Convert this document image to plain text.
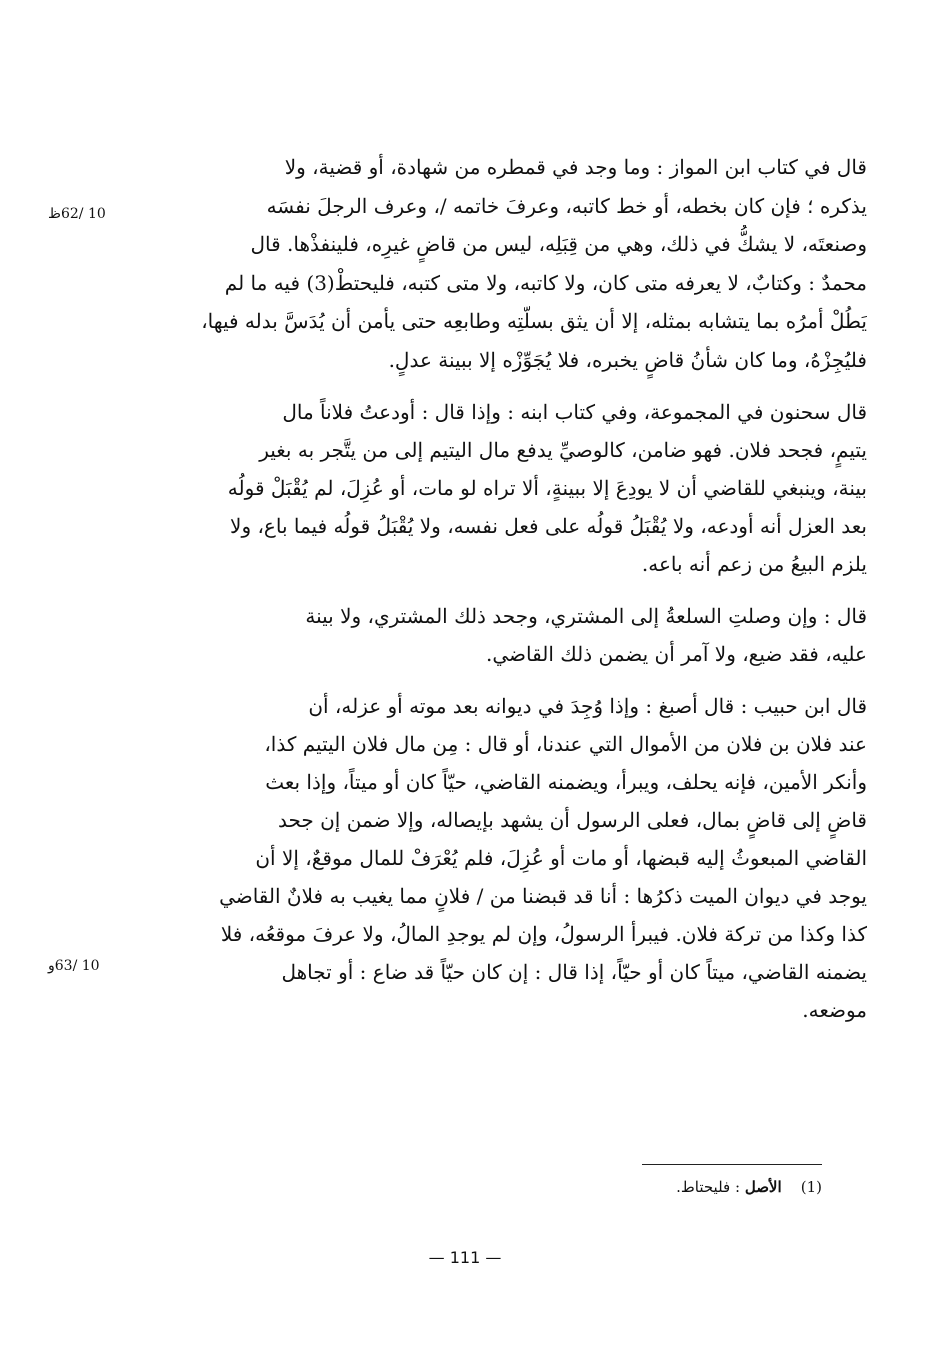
قال في كتاب ابن المواز : وما وجد في قمطره من شهادة، أو قضية، ولا
يذكره ؛ فإن كان بخطه، أو خط كاتبه، وعرفَ خاتمه /، وعرف الرجلَ نفسَه
وصنعتَه، لا يشكُّ في ذلك، وهي من قِبَلِه، ليس من قاضٍ غيرِه، فلينفذْها. قال
محمدٌ : وكتابٌ، لا يعرفه متى كان، ولا كاتبه، ولا متى كتبه، فليحتطْ(3) فيه ما لم
يَطُلْ أمرُه بما يتشابه بمثله، إلا أن يثق بسلّتِه وطابعِه حتى يأمن أن يُدَسَّ بدله فيها،
فليُجِزْهُ، وما كان شأنُ قاضٍ يخبره، فلا يُجَوِّزْه إلا ببينة عدلٍ.
قال سحنون في المجموعة، وفي كتاب ابنه : وإذا قال : أودعتُ فلاناً مال
يتيمٍ، فجحد فلان. فهو ضامن، كالوصيِّ يدفع مال اليتيم إلى من يتَّجر به بغير
بينة، وينبغي للقاضي أن لا يودِعَ إلا ببينةٍ، ألا تراه لو مات، أو عُزِلَ، لم يُقْبَلْ قولُه
بعد العزل أنه أودعه، ولا يُقْبَلُ قولُه على فعل نفسه، ولا يُقْبَلُ قولُه فيما باع، ولا
يلزم البيعُ من زعم أنه باعه.
قال : وإن وصلتِ السلعةُ إلى المشتري، وجحد ذلك المشتري، ولا بينة
عليه، فقد ضيع، ولا آمر أن يضمن ذلك القاضي.
قال ابن حبيب : قال أصبغ : وإذا وُجِدَ في ديوانه بعد موته أو عزله، أن
عند فلان بن فلان من الأموال التي عندنا، أو قال : مِن مال فلان اليتيم كذا،
وأنكر الأمين، فإنه يحلف، ويبرأ، ويضمنه القاضي، حيّاً كان أو ميتاً، وإذا بعث
قاضٍ إلى قاضٍ بمال، فعلى الرسول أن يشهد بإيصاله، وإلا ضمن إن جحد
القاضي المبعوثُ إليه قبضها، أو مات أو عُزِلَ، فلم يُعْرَفْ للمال موقعٌ، إلا أن
يوجد في ديوان الميت ذكرُها : أنا قد قبضنا من / فلانٍ مما يغيب به فلانٌ القاضي
كذا وكذا من تركة فلان. فيبرأ الرسولُ، وإن لم يوجدِ المالُ، ولا عرفَ موقعُه، فلا
يضمنه القاضي، ميتاً كان أو حيّاً، إذا قال : إن كان حيّاً قد ضاع : أو تجاهل
موضعه.
10 /62ظ
10 /63و
(1)    الأصل : فليحتاط.
— 111 —
